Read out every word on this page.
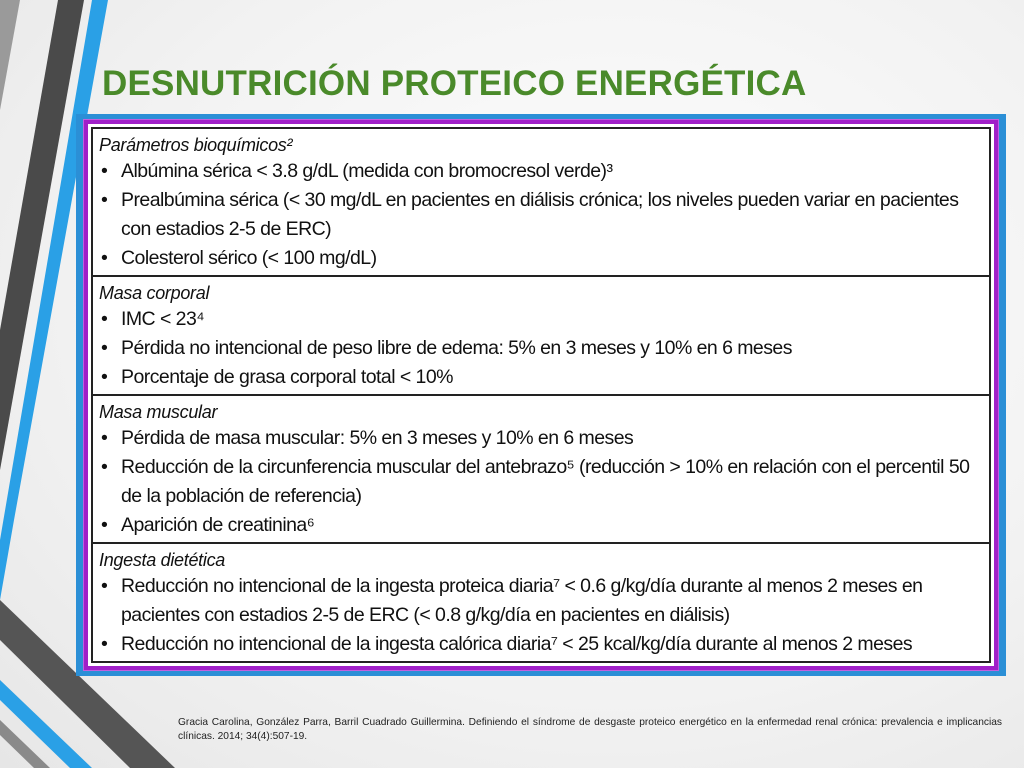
DESNUTRICIÓN PROTEICO ENERGÉTICA
Parámetros bioquímicos²
• Albúmina sérica < 3.8 g/dL (medida con bromocresol verde)³
• Prealbúmina sérica (< 30 mg/dL en pacientes en diálisis crónica; los niveles pueden variar en pacientes con estadios 2-5 de ERC)
• Colesterol sérico (< 100 mg/dL)
Masa corporal
• IMC < 23⁴
• Pérdida no intencional de peso libre de edema: 5% en 3 meses y 10% en 6 meses
• Porcentaje de grasa corporal total < 10%
Masa muscular
• Pérdida de masa muscular: 5% en 3 meses y 10% en 6 meses
• Reducción de la circunferencia muscular del antebrazo⁵ (reducción > 10% en relación con el percentil 50 de la población de referencia)
• Aparición de creatinina⁶
Ingesta dietética
• Reducción no intencional de la ingesta proteica diaria⁷ < 0.6 g/kg/día durante al menos 2 meses en pacientes con estadios 2-5 de ERC (< 0.8 g/kg/día en pacientes en diálisis)
• Reducción no intencional de la ingesta calórica diaria⁷ < 25 kcal/kg/día durante al menos 2 meses
Gracia Carolina, González Parra, Barril Cuadrado Guillermina. Definiendo el síndrome de desgaste proteico energético en la enfermedad renal crónica: prevalencia e implicancias clínicas. 2014; 34(4):507-19.
